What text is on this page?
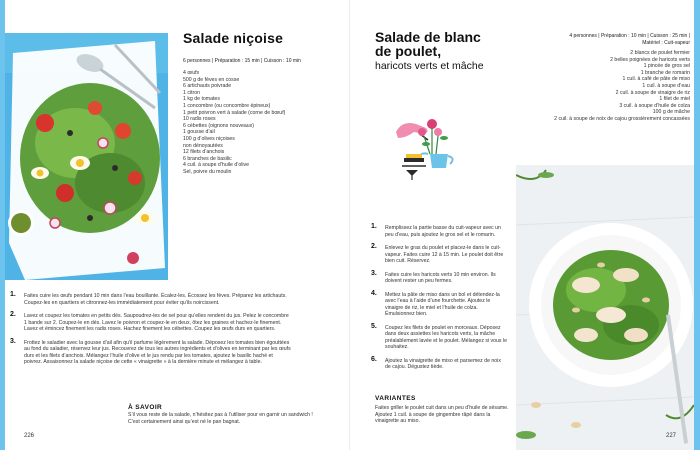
Salade niçoise
6 personnes | Préparation : 15 min | Cuisson : 10 min
4 œufs
500 g de fèves en cosse
6 artichauts poivrade
1 citron
1 kg de tomates
1 concombre (ou concombre épineux)
1 petit poivron vert à salade (corne de bœuf)
10 radis roses
6 cébettes (oignons nouveaux)
1 gousse d’ail
100 g d’olives niçoises
non dénoyautées
12 filets d’anchois
6 branches de basilic
4 cuil. à soupe d’huile d’olive
Sel, poivre du moulin
1. Faites cuire les œufs pendant 10 min dans l’eau bouillante. Écalez-les. Écossez les fèves. Préparez les artichauts. Coupez-les en quartiers et citronnez-les immédiatement pour éviter qu’ils noircissent.
2. Lavez et coupez les tomates en petits dés. Saupoudrez-les de sel pour qu’elles rendent du jus. Pelez le concombre 1 bande sur 2. Coupez-le en dés. Lavez le poivron et coupez-le en deux, ôtez les graines et hachez-le finement. Lavez et émincez finement les radis roses. Hachez finement les cébettes. Coupez les œufs durs en quartiers.
3. Frottez le saladier avec la gousse d’ail afin qu’il parfume légèrement la salade. Déposez les tomates bien égouttées au fond du saladier, réservez leur jus. Recouvrez de tous les autres ingrédients et d’olives en terminant par les œufs durs et les filets d’anchois. Mélangez l’huile d’olive et le jus rendu par les tomates, ajoutez le basilic haché et poivrez. Assaisonnez la salade niçoise de cette « vinaigrette » à la dernière minute et mélangez à table.
À SAVOIR
S’il vous reste de la salade, n’hésitez pas à l’utiliser pour en garnir un sandwich ! C’est certainement ainsi qu’est né le pan bagnat.
226
SALADES
Salade de blanc
de poulet,
haricots verts et mâche
4 personnes | Préparation : 10 min | Cuisson : 25 min |
Matériel : Cuit-vapeur
2 blancs de poulet fermier
2 belles poignées de haricots verts
1 pincée de gros sel
1 branche de romarin
1 cuil. à café de pâte de miso
1 cuil. à soupe d’eau
2 cuil. à soupe de vinaigre de riz
1 filet de miel
3 cuil. à soupe d’huile de colza
100 g de mâche
2 cuil. à soupe de noix de cajou grossièrement concassées
1. Remplissez la partie basse du cuit-vapeur avec un peu d’eau, puis ajoutez le gros sel et le romarin.
2. Enlevez le gras du poulet et placez-le dans le cuit-vapeur. Faites cuire 12 à 15 min. Le poulet doit être bien cuit. Réservez.
3. Faites cuire les haricots verts 10 min environ. Ils doivent rester un peu fermes.
4. Mettez la pâte de miso dans un bol et détendez-la avec l’eau à l’aide d’une fourchette. Ajoutez le vinaigre de riz, le miel et l’huile de colza. Émulsionnez bien.
5. Coupez les filets de poulet en morceaux. Déposez dans deux assiettes les haricots verts, la mâche préalablement lavée et le poulet. Mélangez si vous le souhaitez.
6. Ajoutez la vinaigrette de miso et parsemez de noix de cajou. Dégustez tiède.
VARIANTES
Faites griller le poulet cuit dans un peu d’huile de sésame. Ajoutez 1 cuil. à soupe de gingembre râpé dans la vinaigrette au miso.
227
